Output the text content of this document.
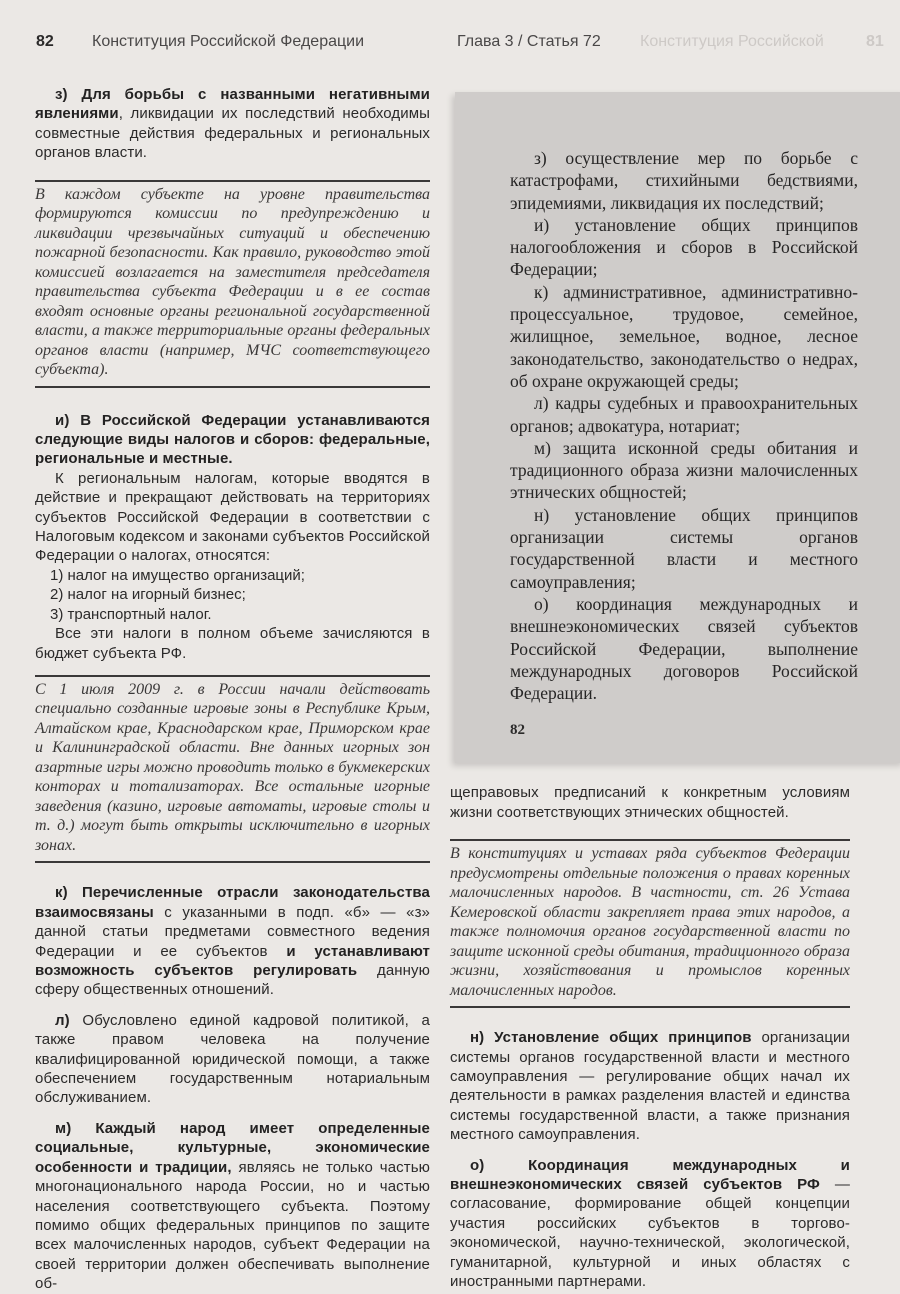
82 Конституция Российской Федерации	Глава 3 / Статья 72 Конституция Российской	81

з) Для борьбы с названными негативными явлениями, ликвидации их последствий необходимы совместные действия федеральных и региональных органов власти.

В каждом субъекте на уровне правительства формируются комиссии по предупреждению и ликвидации чрезвычайных ситуаций и обеспечению пожарной безопасности. Как правило, руководство этой комиссией возлагается на заместителя председателя правительства субъекта Федерации и в ее состав входят основные органы региональной государственной власти, а также территориальные органы федеральных органов власти (например, МЧС соответствующего субъекта).

и) В Российской Федерации устанавливаются следующие виды налогов и сборов: федеральные, региональные и местные.

К региональным налогам, которые вводятся в действие и прекращают действовать на территориях субъектов Российской Федерации в соответствии с Налоговым кодексом и законами субъектов Российской Федерации о налогах, относятся:

1) налог на имущество организаций;
2) налог на игорный бизнес;
3) транспортный налог.

Все эти налоги в полном объеме зачисляются в бюджет субъекта РФ.

С 1 июля 2009 г. в России начали действовать специально созданные игровые зоны в Республике Крым, Алтайском крае, Краснодарском крае, Приморском крае и Калининградской области. Вне данных игорных зон азартные игры можно проводить только в букмекерских конторах и тотализаторах. Все остальные игорные заведения (казино, игровые автоматы, игровые столы и т. д.) могут быть открыты исключительно в игорных зонах.

к) Перечисленные отрасли законодательства взаимосвязаны с указанными в подп. «б» — «з» данной статьи предметами совместного ведения Федерации и ее субъектов и устанавливают возможность субъектов регулировать данную сферу общественных отношений.

л) Обусловлено единой кадровой политикой, а также правом человека на получение квалифицированной юридической помощи, а также обеспечением государственным нотариальным обслуживанием.

м) Каждый народ имеет определенные социальные, культурные, экономические особенности и традиции, являясь не только частью многонационального народа России, но и частью населения соответствующего субъекта. Поэтому помимо общих федеральных принципов по защите всех малочисленных народов, субъект Федерации на своей территории должен обеспечивать выполнение об-

з) осуществление мер по борьбе с катастрофами, стихийными бедствиями, эпидемиями, ликвидация их последствий;

и) установление общих принципов налогообложения и сборов в Российской Федерации;

к) административное, административно-процессуальное, трудовое, семейное, жилищное, земельное, водное, лесное законодательство, законодательство о недрах, об охране окружающей среды;

л) кадры судебных и правоохранительных органов; адвокатура, нотариат;

м) защита исконной среды обитания и традиционного образа жизни малочисленных этнических общностей;

н) установление общих принципов организации системы органов государственной власти и местного самоуправления;

о) координация международных и внешнеэкономических связей субъектов Российской Федерации, выполнение международных договоров Российской Федерации.

82

щеправовых предписаний к конкретным условиям жизни соответствующих этнических общностей.

В конституциях и уставах ряда субъектов Федерации предусмотрены отдельные положения о правах коренных малочисленных народов. В частности, ст. 26 Устава Кемеровской области закрепляет права этих народов, а также полномочия органов государственной власти по защите исконной среды обитания, традиционного образа жизни, хозяйствования и промыслов коренных малочисленных народов.

н) Установление общих принципов организации системы органов государственной власти и местного самоуправления — регулирование общих начал их деятельности в рамках разделения властей и единства системы государственной власти, а также признания местного самоуправления.

о) Координация международных и внешнеэкономических связей субъектов РФ — согласование, формирование общей концепции участия российских субъектов в торгово-экономической, научно-технической, экологической, гуманитарной, культурной и иных областях с иностранными партнерами.
